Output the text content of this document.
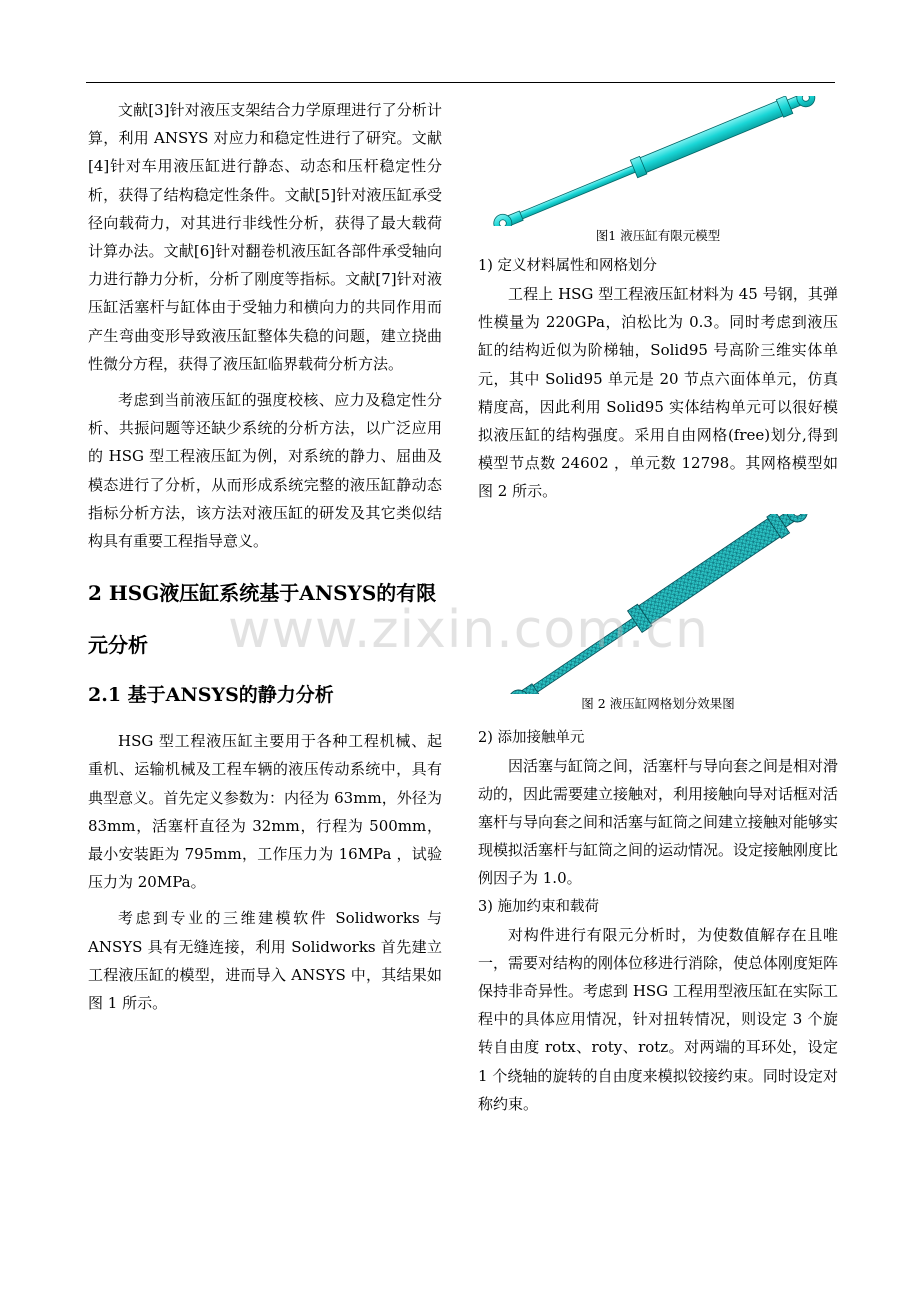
文献[3]针对液压支架结合力学原理进行了分析计算，利用 ANSYS 对应力和稳定性进行了研究。文献[4]针对车用液压缸进行静态、动态和压杆稳定性分析，获得了结构稳定性条件。文献[5]针对液压缸承受径向载荷力，对其进行非线性分析，获得了最大载荷计算办法。文献[6]针对翻卷机液压缸各部件承受轴向力进行静力分析，分析了刚度等指标。文献[7]针对液压缸活塞杆与缸体由于受轴力和横向力的共同作用而产生弯曲变形导致液压缸整体失稳的问题，建立挠曲性微分方程，获得了液压缸临界载荷分析方法。

考虑到当前液压缸的强度校核、应力及稳定性分析、共振问题等还缺少系统的分析方法，以广泛应用的 HSG 型工程液压缸为例，对系统的静力、屈曲及模态进行了分析，从而形成系统完整的液压缸静动态指标分析方法，该方法对液压缸的研发及其它类似结构具有重要工程指导意义。

2 HSG液压缸系统基于ANSYS的有限
元分析
2.1 基于ANSYS的静力分析

HSG 型工程液压缸主要用于各种工程机械、起重机、运输机械及工程车辆的液压传动系统中，具有典型意义。首先定义参数为：内径为 63mm，外径为 83mm，活塞杆直径为 32mm，行程为 500mm，最小安装距为 795mm，工作压力为 16MPa ，试验压力为 20MPa。

考虑到专业的三维建模软件 Solidworks 与 ANSYS 具有无缝连接，利用 Solidworks 首先建立工程液压缸的模型，进而导入 ANSYS 中，其结果如图 1 所示。

图1 液压缸有限元模型

1) 定义材料属性和网格划分

工程上 HSG 型工程液压缸材料为 45 号钢，其弹性模量为 220GPa，泊松比为 0.3。同时考虑到液压缸的结构近似为阶梯轴，Solid95 号高阶三维实体单元，其中 Solid95 单元是 20 节点六面体单元，仿真精度高，因此利用 Solid95 实体结构单元可以很好模拟液压缸的结构强度。采用自由网格(free)划分,得到模型节点数 24602 ，单元数 12798。其网格模型如图 2 所示。

图 2 液压缸网格划分效果图

2) 添加接触单元

因活塞与缸筒之间，活塞杆与导向套之间是相对滑动的，因此需要建立接触对，利用接触向导对话框对活塞杆与导向套之间和活塞与缸筒之间建立接触对能够实现模拟活塞杆与缸筒之间的运动情况。设定接触刚度比例因子为 1.0。

3) 施加约束和载荷

对构件进行有限元分析时，为使数值解存在且唯一，需要对结构的刚体位移进行消除，使总体刚度矩阵保持非奇异性。考虑到 HSG 工程用型液压缸在实际工程中的具体应用情况，针对扭转情况，则设定 3 个旋转自由度 rotx、roty、rotz。对两端的耳环处，设定 1 个绕轴的旋转的自由度来模拟铰接约束。同时设定对称约束。

www.zixin.com.cn
